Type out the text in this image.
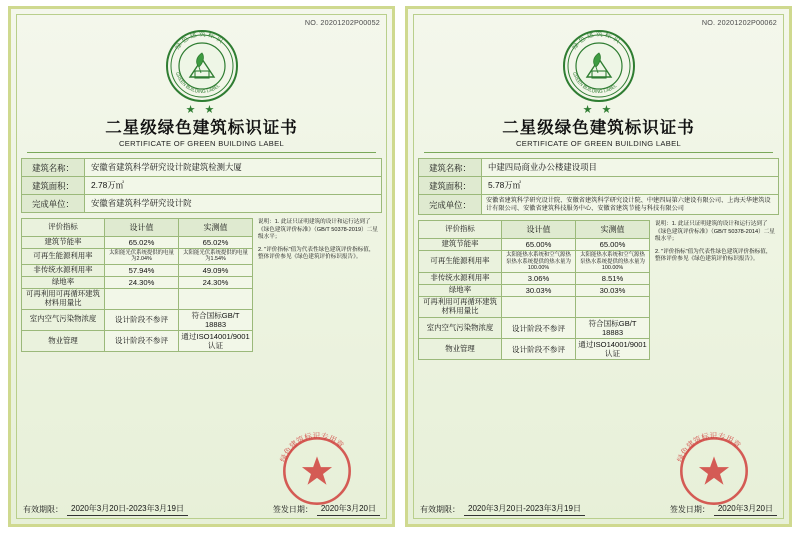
NO. 20201202P00052
绿 色 建 筑 标 识
GREEN BUILDING LABEL
★ ★
二星级绿色建筑标识证书
CERTIFICATE OF GREEN BUILDING LABEL
建筑名称：	安徽省建筑科学研究设计院建筑检测大厦
建筑面积：	2.78万㎡
完成单位：	安徽省建筑科学研究设计院
评价指标	设计值	实测值
建筑节能率	65.02%	65.02%
可再生能源利用率	太阳能光伏系统提供的电量为2.04%	太阳能光伏系统提供的电量为1.54%
非传统水源利用率	57.94%	49.09%
绿地率	24.30%	24.30%
可再利用可再循环建筑材料用量比		
室内空气污染物浓度	设计阶段不参评	符合国标GB/T 18883
物业管理	设计阶段不参评	通过ISO14001/9001认证

说明：1. 此证只证明建筑的设计和运行达到了《绿色建筑评价标准》（GB/T 50378-2019）二星级水平；

2. "评价指标"值为代表性绿色建筑评价指标值，整体评价参见《绿色建筑评价标识报告》。

有效期限：	2020年3月20日-2023年3月19日	签发日期：	2020年3月20日
绿色建筑标识专用章
NO. 20201202P00062
绿 色 建 筑 标 识
GREEN BUILDING LABEL
★ ★
二星级绿色建筑标识证书
CERTIFICATE OF GREEN BUILDING LABEL
建筑名称：	中建四局商业办公楼建设项目
建筑面积：	5.78万㎡
完成单位：	安徽省建筑科学研究设计院、安徽省建筑科学研究设计院、中建四局第六建设有限公司、上海天华建筑设计有限公司、安徽省建筑科技服务中心、安徽省建筑节能与科技有限公司
评价指标	设计值	实测值
建筑节能率	65.00%	65.00%
可再生能源利用率	太阳能热水系统和空气源热泵热水系统提供的热水量为100.00%	太阳能热水系统和空气源热泵热水系统提供的热水量为100.00%
非传统水源利用率	3.06%	8.51%
绿地率	30.03%	30.03%
可再利用可再循环建筑材料用量比		
室内空气污染物浓度	设计阶段不参评	符合国标GB/T 18883
物业管理	设计阶段不参评	通过ISO14001/9001认证

说明：1. 此证只证明建筑的设计和运行达到了《绿色建筑评价标准》（GB/T 50378-2014）二星级水平；

2. "评价指标"值为代表性绿色建筑评价指标值，整体评价参见《绿色建筑评价标识报告》。

有效期限：	2020年3月20日-2023年3月19日	签发日期：	2020年3月20日
绿色建筑标识专用章
